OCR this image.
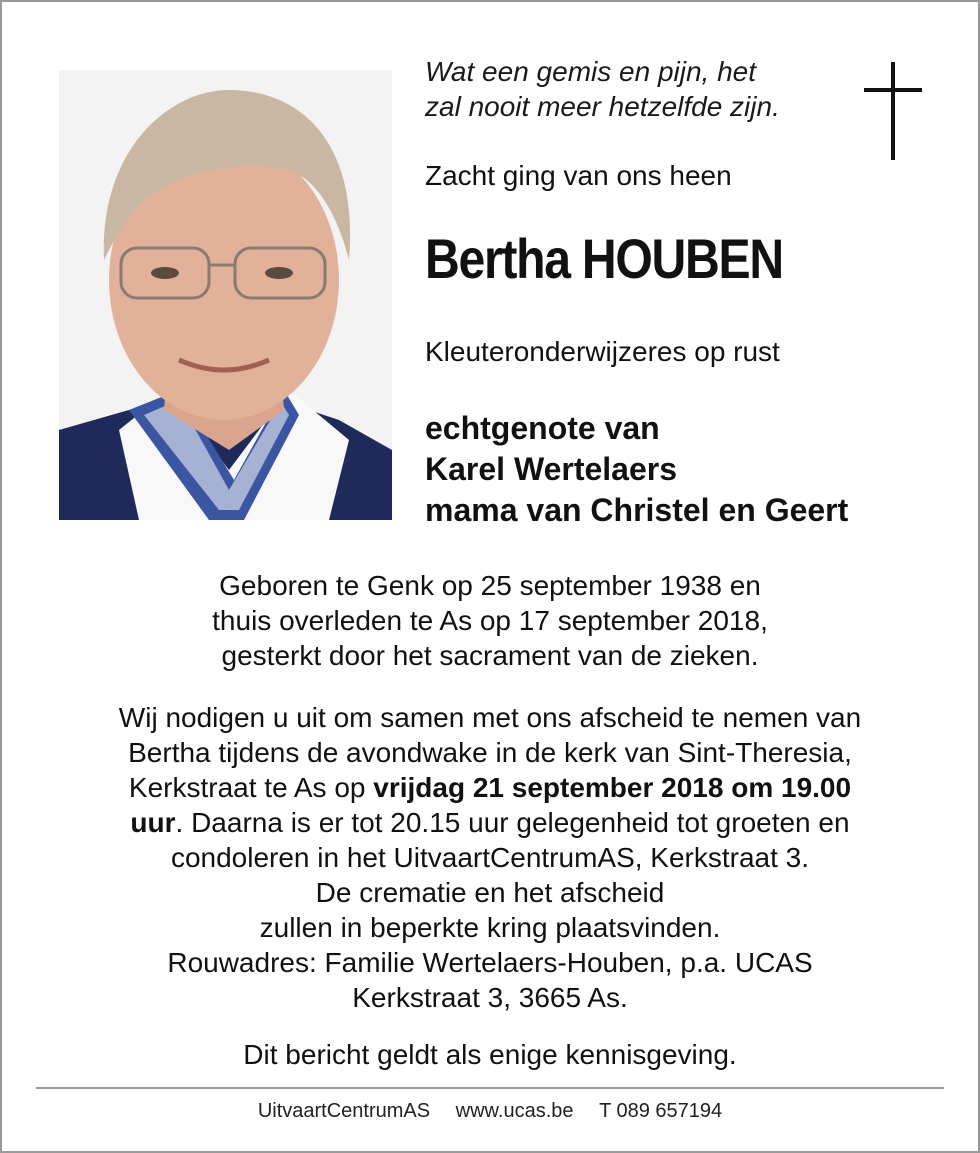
Wat een gemis en pijn, het
zal nooit meer hetzelfde zijn.
Zacht ging van ons heen
Bertha HOUBEN
Kleuteronderwijzeres op rust
echtgenote van
Karel Wertelaers
mama van Christel en Geert
Geboren te Genk op 25 september 1938 en
thuis overleden te As op 17 september 2018,
gesterkt door het sacrament van de zieken.
Wij nodigen u uit om samen met ons afscheid te nemen van
Bertha tijdens de avondwake in de kerk van Sint-Theresia,
Kerkstraat te As op vrijdag 21 september 2018 om 19.00
uur. Daarna is er tot 20.15 uur gelegenheid tot groeten en
condoleren in het UitvaartCentrumAS, Kerkstraat 3.
De crematie en het afscheid
zullen in beperkte kring plaatsvinden.
Rouwadres: Familie Wertelaers-Houben, p.a. UCAS
Kerkstraat 3, 3665 As.
Dit bericht geldt als enige kennisgeving.
UitvaartCentrumAS www.ucas.be T 089 657194
